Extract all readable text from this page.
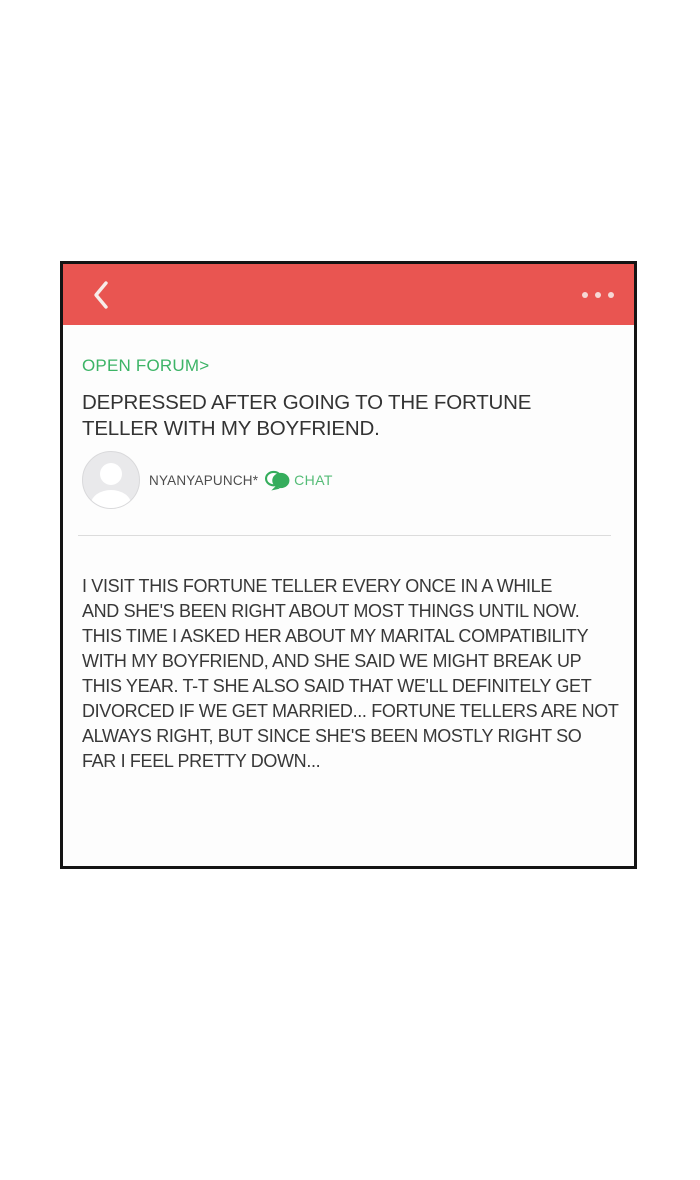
OPEN FORUM>
DEPRESSED AFTER GOING TO THE FORTUNE
TELLER WITH MY BOYFRIEND.
NYANYAPUNCH*	CHAT

I VISIT THIS FORTUNE TELLER EVERY ONCE IN A WHILE
AND SHE'S BEEN RIGHT ABOUT MOST THINGS UNTIL NOW.
THIS TIME I ASKED HER ABOUT MY MARITAL COMPATIBILITY
WITH MY BOYFRIEND, AND SHE SAID WE MIGHT BREAK UP
THIS YEAR. T-T SHE ALSO SAID THAT WE'LL DEFINITELY GET
DIVORCED IF WE GET MARRIED... FORTUNE TELLERS ARE NOT
ALWAYS RIGHT, BUT SINCE SHE'S BEEN MOSTLY RIGHT SO
FAR I FEEL PRETTY DOWN...
